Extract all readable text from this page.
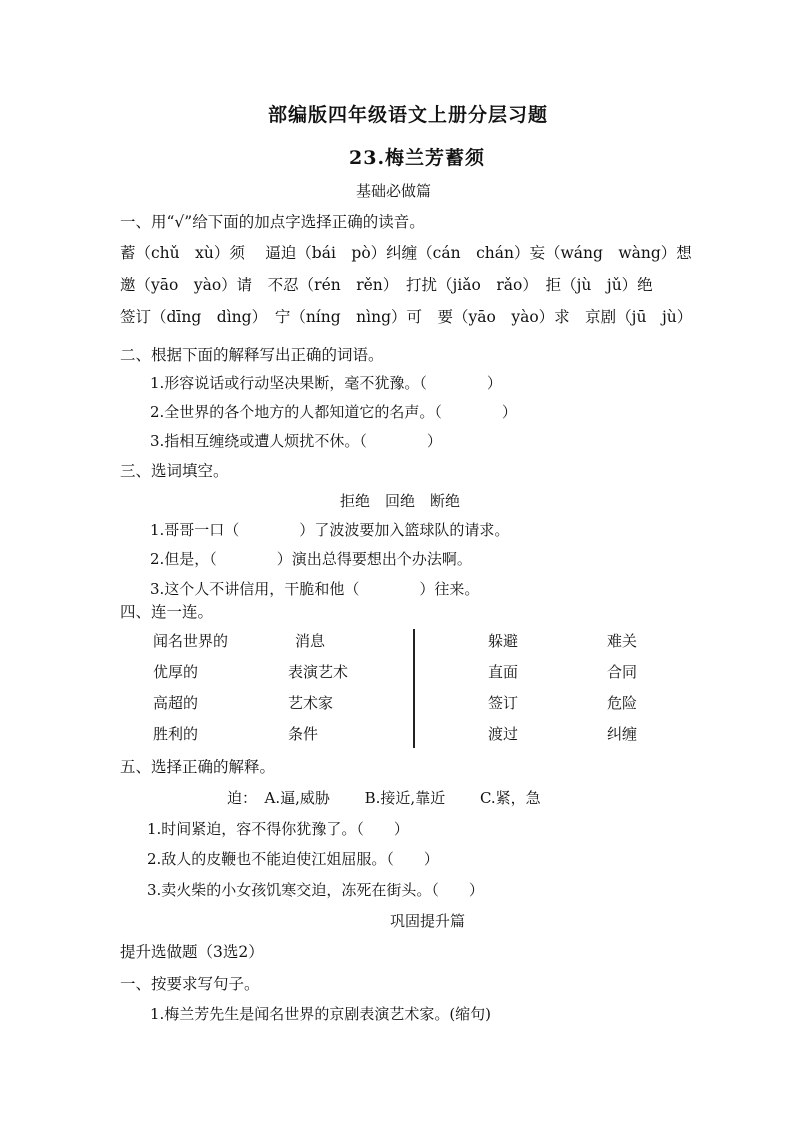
部编版四年级语文上册分层习题
23.梅兰芳蓄须
基础必做篇
一、用“√”给下面的加点字选择正确的读音。
蓄（chǔ　xù）须　 逼迫（bái　pò）纠缠（cán　chán）妄（wáng　wàng）想
邀（yāo　yào）请　不忍（rén　rěn）　打扰（jiǎo　rǎo）　拒（jù　jǔ）绝
签订（dīng　dìng）　宁（níng　nìng）可　要（yāo　yào）求　京剧（jū　jù）
二、根据下面的解释写出正确的词语。
1.形容说话或行动坚决果断，毫不犹豫。（　　　　）
2.全世界的各个地方的人都知道它的名声。（　　　　）
3.指相互缠绕或遭人烦扰不休。（　　　　）
三、选词填空。
拒绝　回绝　断绝
1.哥哥一口（　　　　）了波波要加入篮球队的请求。
2.但是，（　　　　）演出总得要想出个办法啊。
3.这个人不讲信用，干脆和他（　　　　）往来。
四、连一连。
闻名世界的
优厚的
高超的
胜利的
消息
表演艺术
艺术家
条件
躲避
直面
签订
渡过
难关
合同
危险
纠缠
五、选择正确的解释。
迫：　A.逼,威胁　　 B.接近,靠近　　 C.紧，急
1.时间紧迫，容不得你犹豫了。（　　）
2.敌人的皮鞭也不能迫使江姐屈服。（　　）
3.卖火柴的小女孩饥寒交迫，冻死在街头。（　　）
巩固提升篇
提升选做题（3选2）
一、按要求写句子。
1.梅兰芳先生是闻名世界的京剧表演艺术家。(缩句)
